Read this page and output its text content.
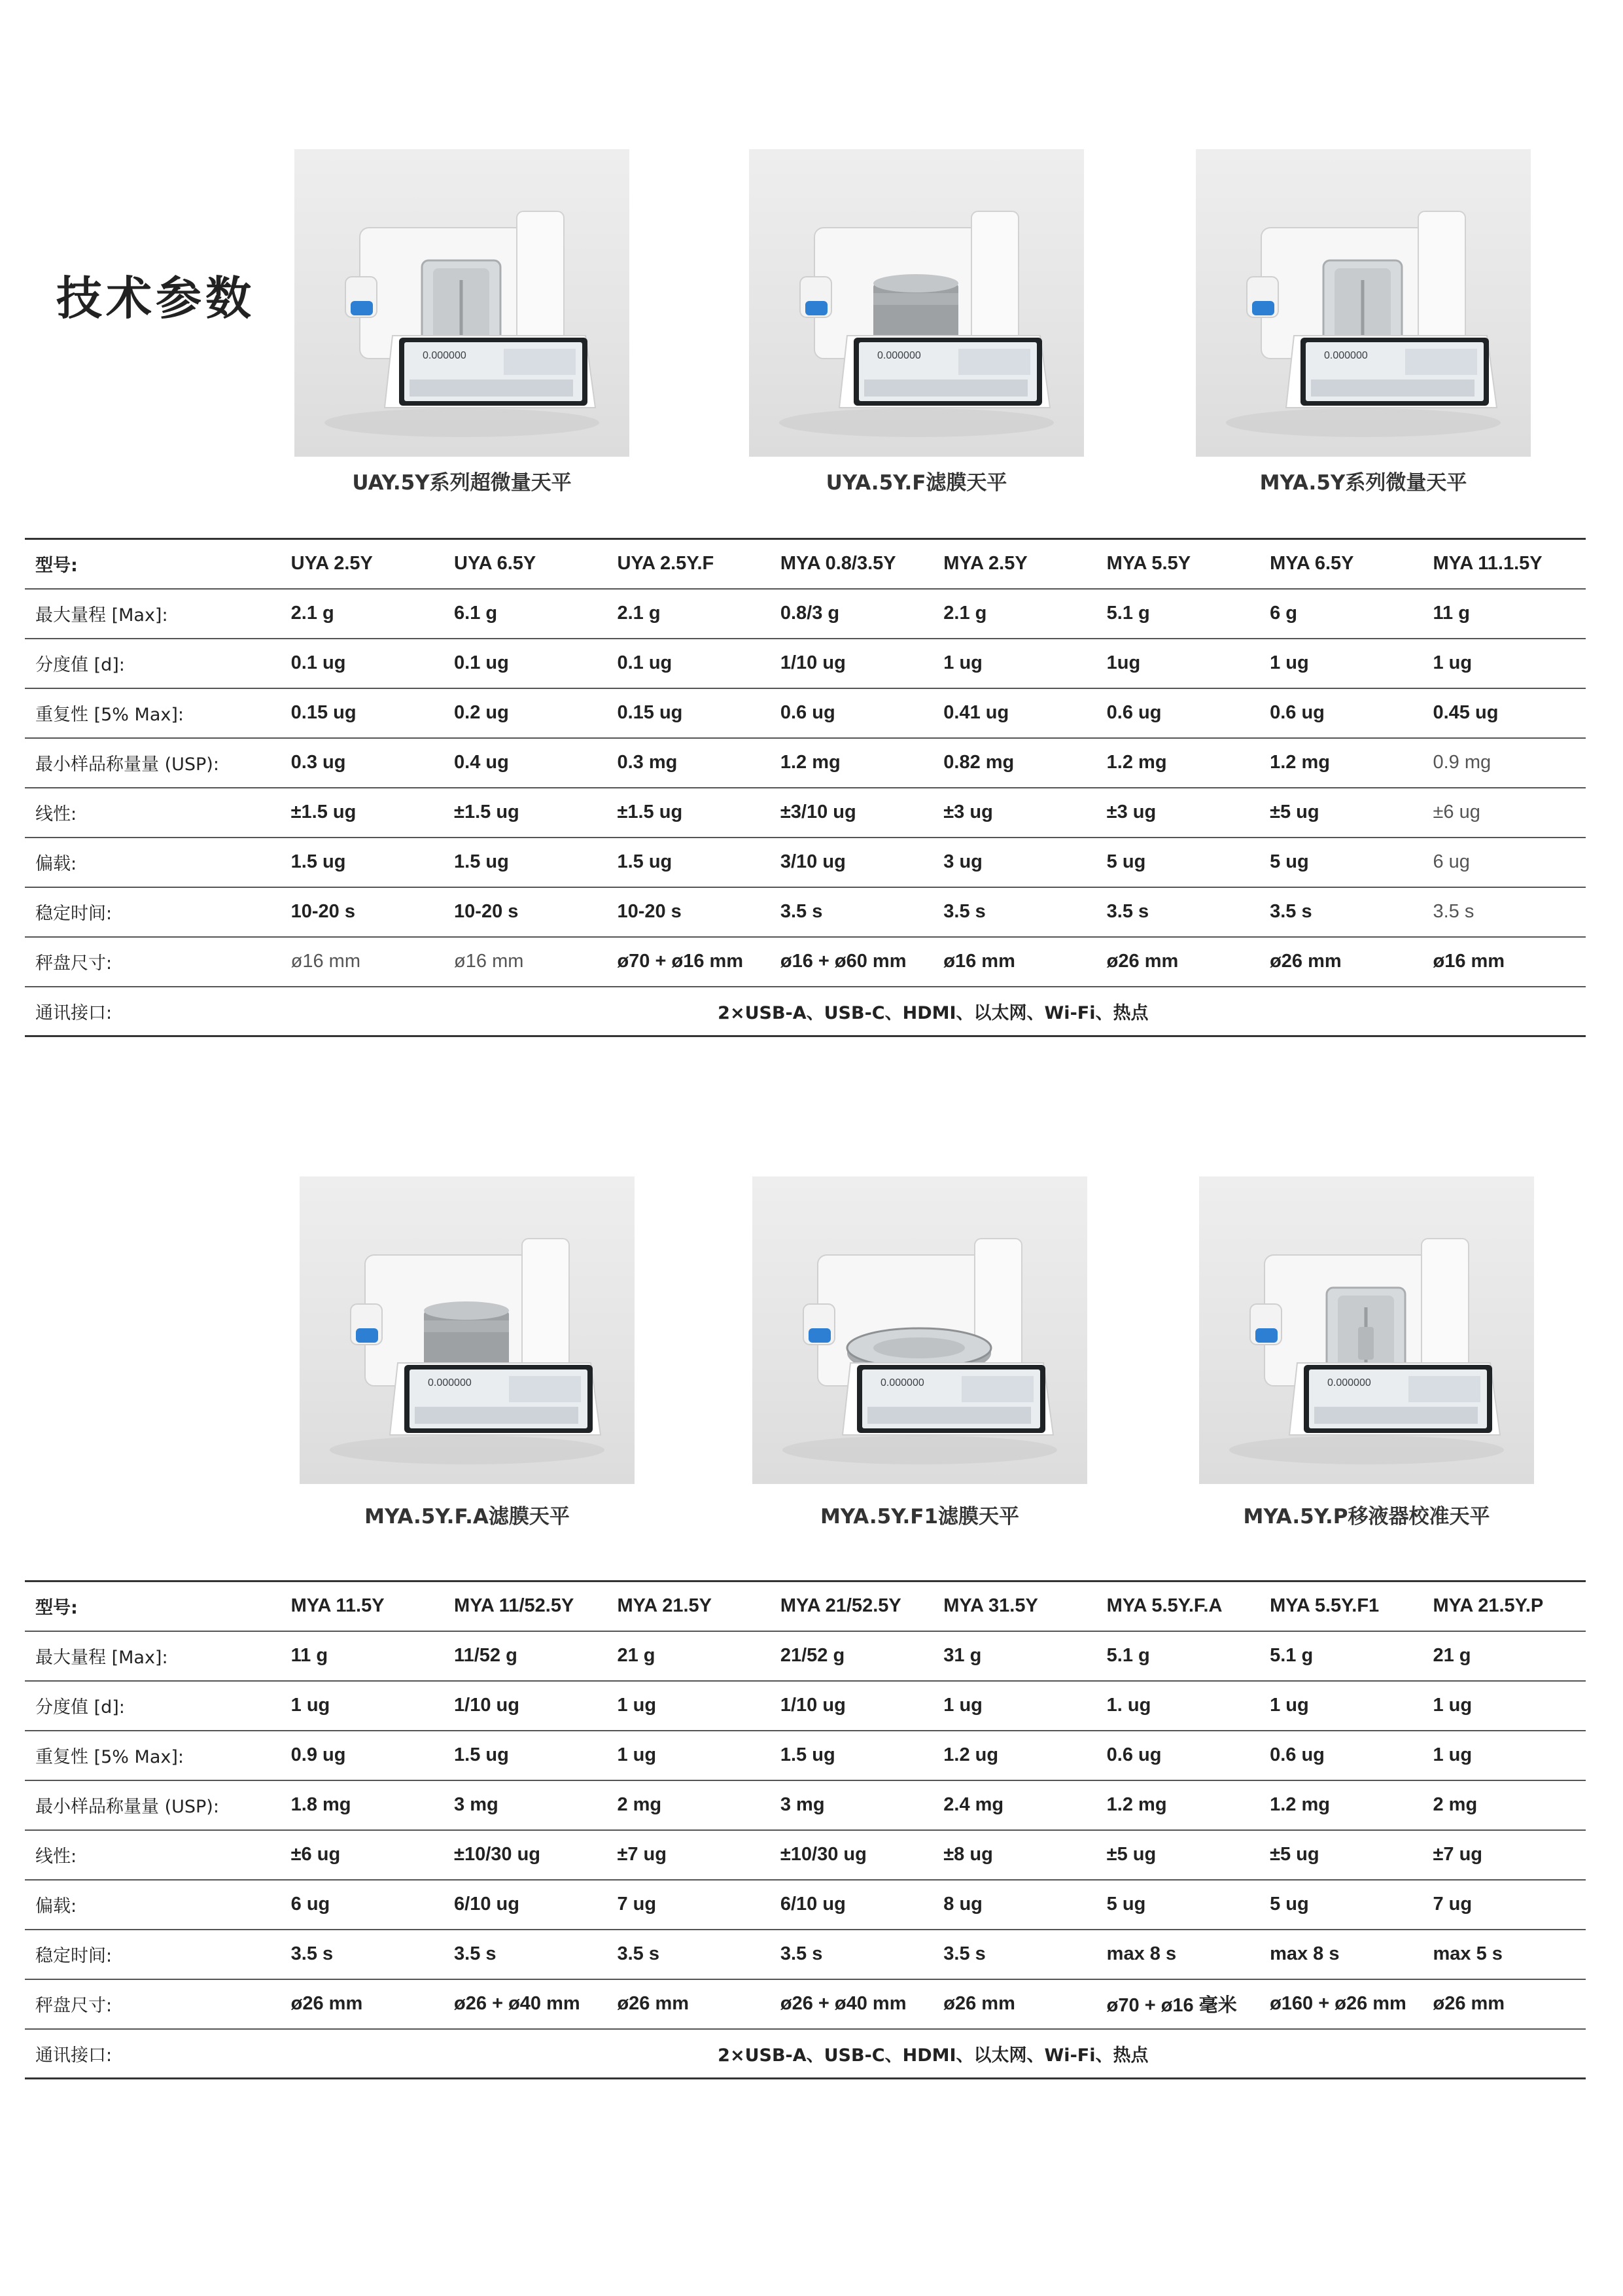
技术参数
0.000000
UAY.5Y系列超微量天平
0.000000
UYA.5Y.F滤膜天平
0.000000
MYA.5Y系列微量天平
型号:	UYA 2.5Y	UYA 6.5Y	UYA 2.5Y.F	MYA 0.8/3.5Y	MYA 2.5Y	MYA 5.5Y	MYA 6.5Y	MYA 11.1.5Y
最大量程 [Max]:	2.1 g	6.1 g	2.1 g	0.8/3 g	2.1 g	5.1 g	6 g	11 g
分度值 [d]:	0.1 ug	0.1 ug	0.1 ug	1/10 ug	1 ug	1ug	1 ug	1 ug
重复性 [5% Max]:	0.15 ug	0.2 ug	0.15 ug	0.6 ug	0.41 ug	0.6 ug	0.6 ug	0.45 ug
最小样品称量量 (USP):	0.3 ug	0.4 ug	0.3 mg	1.2 mg	0.82 mg	1.2 mg	1.2 mg	0.9 mg
线性:	±1.5 ug	±1.5 ug	±1.5 ug	±3/10 ug	±3 ug	±3 ug	±5 ug	±6 ug
偏载:	1.5 ug	1.5 ug	1.5 ug	3/10 ug	3 ug	5 ug	5 ug	6 ug
稳定时间:	10-20 s	10-20 s	10-20 s	3.5 s	3.5 s	3.5 s	3.5 s	3.5 s
秤盘尺寸:	ø16 mm	ø16 mm	ø70 + ø16 mm	ø16 + ø60 mm	ø16 mm	ø26 mm	ø26 mm	ø16 mm
通讯接口:	2×USB-A、USB-C、HDMI、以太网、Wi-Fi、热点							
0.000000
MYA.5Y.F.A滤膜天平
0.000000
MYA.5Y.F1滤膜天平
0.000000
MYA.5Y.P移液器校准天平
型号:	MYA 11.5Y	MYA 11/52.5Y	MYA 21.5Y	MYA 21/52.5Y	MYA 31.5Y	MYA 5.5Y.F.A	MYA 5.5Y.F1	MYA 21.5Y.P
最大量程 [Max]:	11 g	11/52 g	21 g	21/52 g	31 g	5.1 g	5.1 g	21 g
分度值 [d]:	1 ug	1/10 ug	1 ug	1/10 ug	1 ug	1. ug	1 ug	1 ug
重复性 [5% Max]:	0.9 ug	1.5 ug	1 ug	1.5 ug	1.2 ug	0.6 ug	0.6 ug	1 ug
最小样品称量量 (USP):	1.8 mg	3 mg	2 mg	3 mg	2.4 mg	1.2 mg	1.2 mg	2 mg
线性:	±6 ug	±10/30 ug	±7 ug	±10/30 ug	±8 ug	±5 ug	±5 ug	±7 ug
偏载:	6 ug	6/10 ug	7 ug	6/10 ug	8 ug	5 ug	5 ug	7 ug
稳定时间:	3.5 s	3.5 s	3.5 s	3.5 s	3.5 s	max 8 s	max 8 s	max 5 s
秤盘尺寸:	ø26 mm	ø26 + ø40 mm	ø26 mm	ø26 + ø40 mm	ø26 mm	ø70 + ø16 毫米	ø160 + ø26 mm	ø26 mm
通讯接口:	2×USB-A、USB-C、HDMI、以太网、Wi-Fi、热点							
